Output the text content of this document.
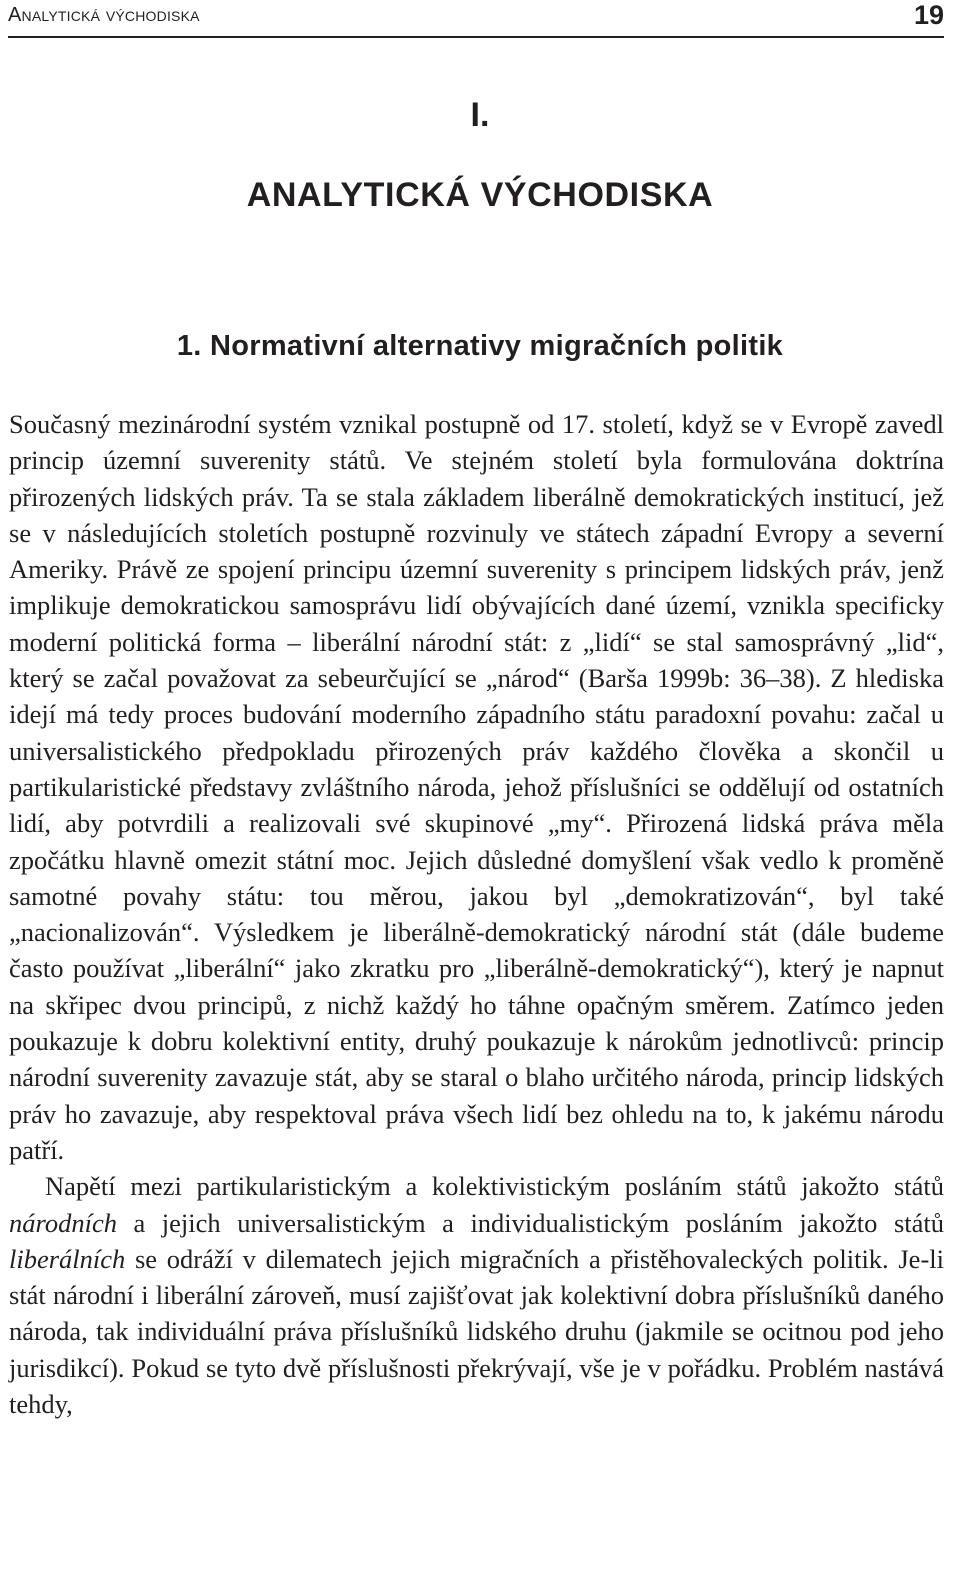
Analytická východiska	19
I.
ANALYTICKÁ VÝCHODISKA
1. Normativní alternativy migračních politik

Současný mezinárodní systém vznikal postupně od 17. století, když se v Evropě zavedl princip územní suverenity států. Ve stejném století byla formulována doktrína přirozených lidských práv. Ta se stala základem liberálně demokratických institucí, jež se v následujících stoletích postupně rozvinuly ve státech západní Evropy a severní Ameriky. Právě ze spojení principu územní suverenity s principem lidských práv, jenž implikuje demokratickou samosprávu lidí obývajících dané území, vznikla specificky moderní politická forma – liberální národní stát: z „lidí“ se stal samosprávný „lid“, který se začal považovat za sebeurčující se „národ“ (Barša 1999b: 36–38). Z hlediska idejí má tedy proces budování moderního západního státu paradoxní povahu: začal u universalistického předpokladu přirozených práv každého člověka a skončil u partikularistické představy zvláštního národa, jehož příslušníci se oddělují od ostatních lidí, aby potvrdili a realizovali své skupinové „my“. Přirozená lidská práva měla zpočátku hlavně omezit státní moc. Jejich důsledné domyšlení však vedlo k proměně samotné povahy státu: tou měrou, jakou byl „demokratizován“, byl také „nacionalizován“. Výsledkem je liberálně-demokratický národní stát (dále budeme často používat „liberální“ jako zkratku pro „liberálně-demokratický“), který je napnut na skřipec dvou principů, z nichž každý ho táhne opačným směrem. Zatímco jeden poukazuje k dobru kolektivní entity, druhý poukazuje k nárokům jednotlivců: princip národní suverenity zavazuje stát, aby se staral o blaho určitého národa, princip lidských práv ho zavazuje, aby respektoval práva všech lidí bez ohledu na to, k jakému národu patří.

Napětí mezi partikularistickým a kolektivistickým posláním států jakožto států národních a jejich universalistickým a individualistickým posláním jakožto států liberálních se odráží v dilematech jejich migračních a přistěhovaleckých politik. Je-li stát národní i liberální zároveň, musí zajišťovat jak kolektivní dobra příslušníků daného národa, tak individuální práva příslušníků lidského druhu (jakmile se ocitnou pod jeho jurisdikcí). Pokud se tyto dvě příslušnosti překrývají, vše je v pořádku. Problém nastává tehdy,
